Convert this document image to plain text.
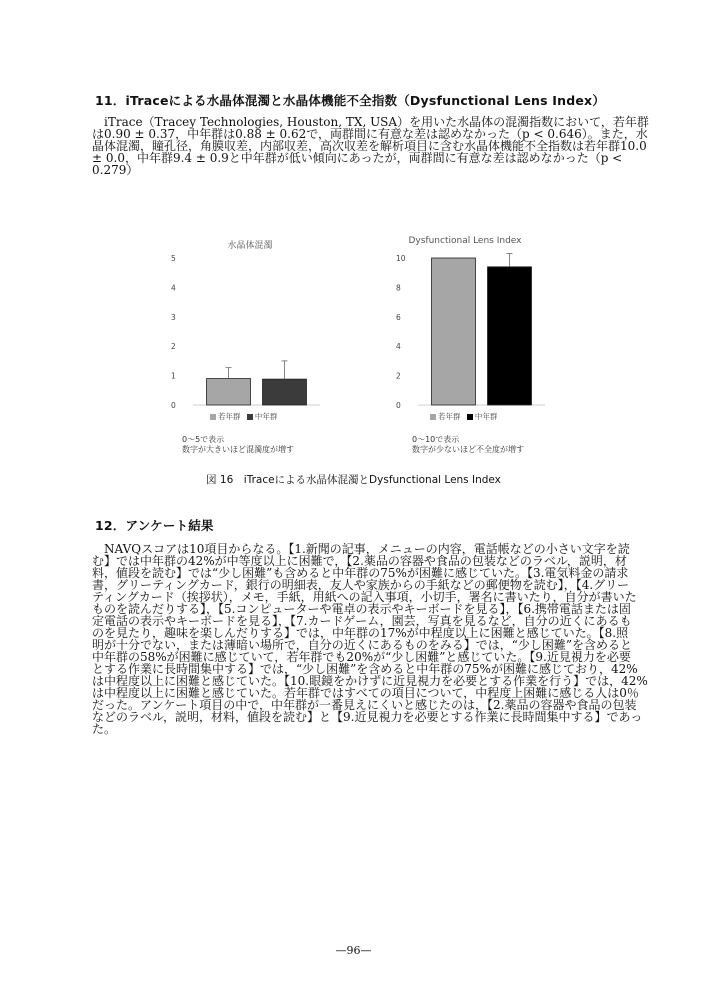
11．iTraceによる水晶体混濁と水晶体機能不全指数（Dysfunctional Lens Index）
　iTrace（Tracey Technologies, Houston, TX, USA）を用いた水晶体の混濁指数において，若年群
は0.90 ± 0.37，中年群は0.88 ± 0.62で，両群間に有意な差は認めなかった（p < 0.646）。また，水
晶体混濁，瞳孔径，角膜収差，内部収差，高次収差を解析項目に含む水晶体機能不全指数は若年群10.0
± 0.0，中年群9.4 ± 0.9と中年群が低い傾向にあったが，両群間に有意な差は認めなかった（p <
0.279）
水晶体混濁
0
1
2
3
4
5
若年群 中年群
0〜5で表示
数字が大きいほど混濁度が増す
Dysfunctional Lens Index
0
2
4
6
8
10
若年群 中年群
0〜10で表示
数字が少ないほど不全度が増す
図 16　iTraceによる水晶体混濁とDysfunctional Lens Index
12．アンケート結果
　NAVQスコアは10項目からなる。【1.新聞の記事，メニューの内容，電話帳などの小さい文字を読
む】では中年群の42%が中等度以上に困難で，【2.薬品の容器や食品の包装などのラベル，説明，材
料，値段を読む】では“少し困難”も含めると中年群の75%が困難に感じていた。【3.電気料金の請求
書，グリーティングカード，銀行の明細表，友人や家族からの手紙などの郵便物を読む】，【4.グリー
ティングカード（挨拶状），メモ，手紙，用紙への記入事項，小切手，署名に書いたり，自分が書いた
ものを読んだりする】，【5.コンピューターや電卓の表示やキーボードを見る】，【6.携帯電話または固
定電話の表示やキーボードを見る】，【7.カードゲーム，園芸，写真を見るなど，自分の近くにあるも
のを見たり，趣味を楽しんだりする】では，中年群の17%が中程度以上に困難と感じていた。【8.照
明が十分でない，または薄暗い場所で，自分の近くにあるものをみる】では，“少し困難”を含めると
中年群の58%が困難に感じていて，若年群でも20%が“少し困難”と感じていた。【9.近見視力を必要
とする作業に長時間集中する】では，“少し困難”を含めると中年群の75%が困難に感じており，42%
は中程度以上に困難と感じていた。【10.眼鏡をかけずに近見視力を必要とする作業を行う】では，42%
は中程度以上に困難と感じていた。若年群ではすべての項目について，中程度上困難に感じる人は0％
だった。アンケート項目の中で，中年群が一番見えにくいと感じたのは，【2.薬品の容器や食品の包装
などのラベル，説明，材料，値段を読む】と【9.近見視力を必要とする作業に長時間集中する】であっ
た。
—96—
